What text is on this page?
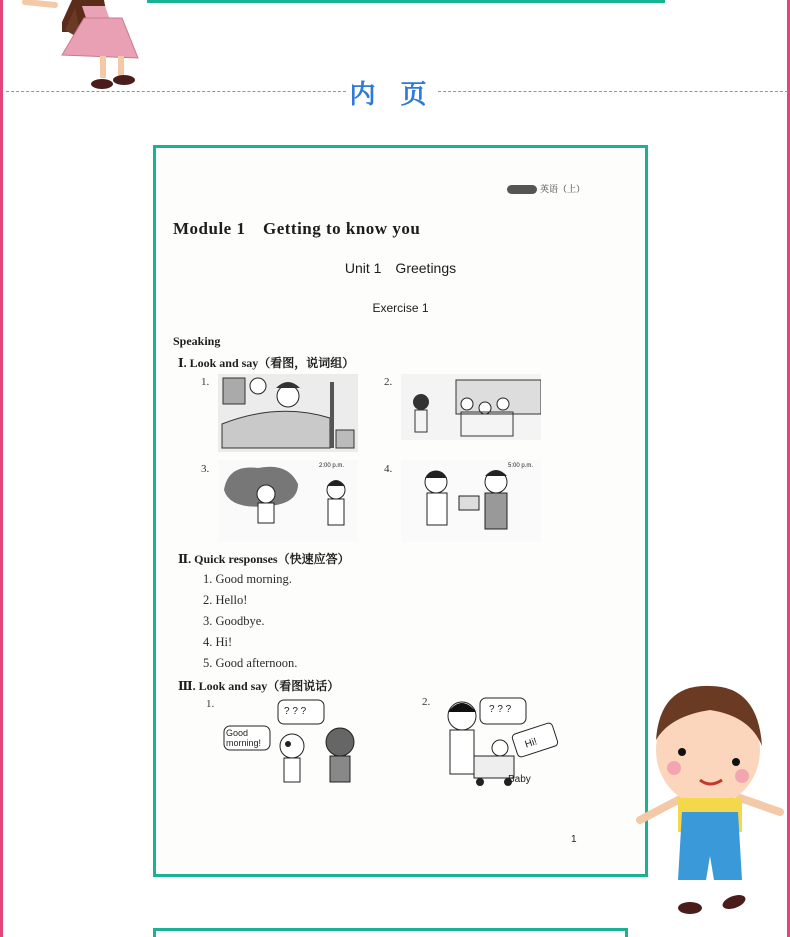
内 页
英语（上）
Module 1　Getting to know you
Unit 1　Greetings
Exercise 1
Speaking
Ⅰ. Look and say（看图，说词组）
1.	2.
3.	4.
2:00 p.m.	5:00 p.m.
Ⅱ. Quick responses（快速应答）
1. Good morning.
2. Hello!
3. Goodbye.
4. Hi!
5. Good afternoon.
Ⅲ. Look and say（看图说话）
1.	2.
Good morning!
? ? ?	? ? ?
Hi!
Baby
1
